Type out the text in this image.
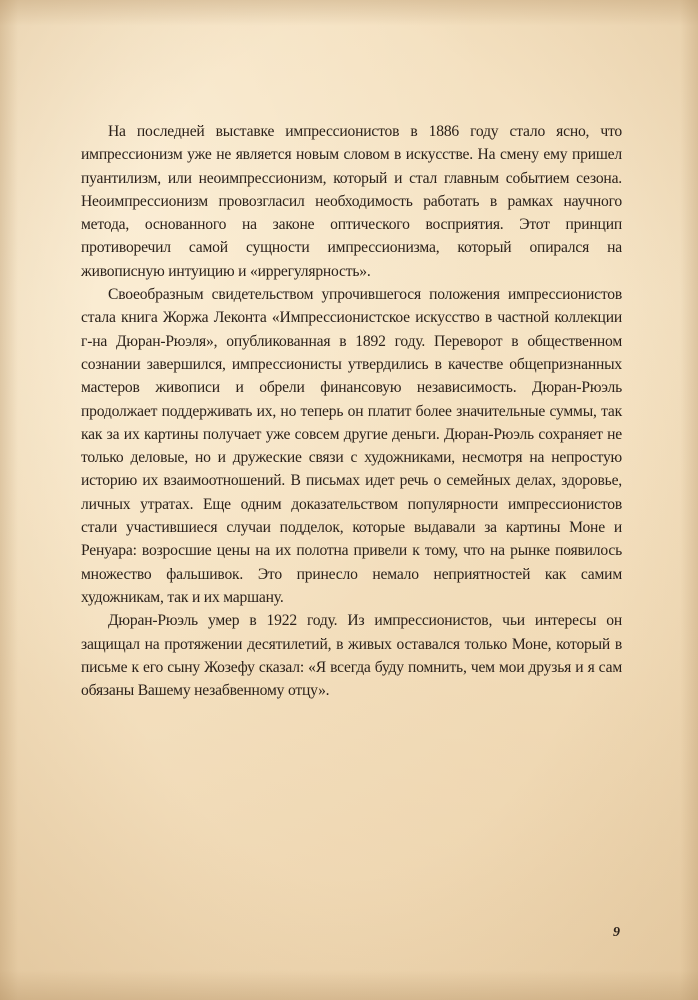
На последней выставке импрессионистов в 1886 году стало ясно, что импрессионизм уже не является новым словом в искусстве. На смену ему пришел пуантилизм, или неоимпрессионизм, который и стал главным событием сезона. Неоимпрессионизм провозгласил необходимость работать в рамках научного метода, основанного на законе оптического восприятия. Этот принцип противоречил самой сущности импрессионизма, который опирался на живописную интуицию и «иррегулярность».

Своеобразным свидетельством упрочившегося положения импрессионистов стала книга Жоржа Леконта «Импрессионистское искусство в частной коллекции г-на Дюран-Рюэля», опубликованная в 1892 году. Переворот в общественном сознании завершился, импрессионисты утвердились в качестве общепризнанных мастеров живописи и обрели финансовую независимость. Дюран-Рюэль продолжает поддерживать их, но теперь он платит более значительные суммы, так как за их картины получает уже совсем другие деньги. Дюран-Рюэль сохраняет не только деловые, но и дружеские связи с художниками, несмотря на непростую историю их взаимоотношений. В письмах идет речь о семейных делах, здоровье, личных утратах. Еще одним доказательством популярности импрессионистов стали участившиеся случаи подделок, которые выдавали за картины Моне и Ренуара: возросшие цены на их полотна привели к тому, что на рынке появилось множество фальшивок. Это принесло немало неприятностей как самим художникам, так и их маршану.

Дюран-Рюэль умер в 1922 году. Из импрессионистов, чьи интересы он защищал на протяжении десятилетий, в живых оставался только Моне, который в письме к его сыну Жозефу сказал: «Я всегда буду помнить, чем мои друзья и я сам обязаны Вашему незабвенному отцу».

9
